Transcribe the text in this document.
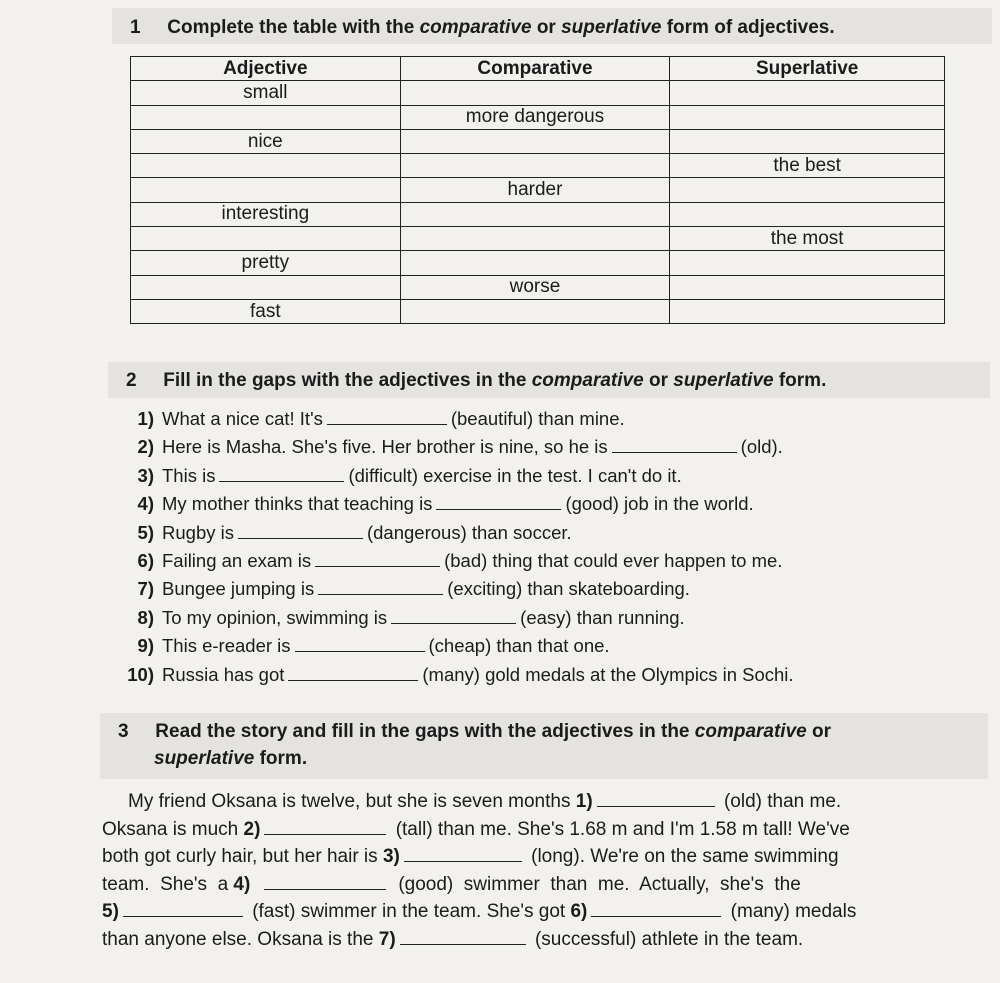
1 Complete the table with the comparative or superlative form of adjectives.
Adjective	Comparative	Superlative
small		
	more dangerous	
nice		
		the best
	harder	
interesting		
		the most
pretty		
	worse	
fast		
2 Fill in the gaps with the adjectives in the comparative or superlative form.
1) What a nice cat! It's	(beautiful) than mine.
2) Here is Masha. She's five. Her brother is nine, so he is	(old).
3) This is	(difficult) exercise in the test. I can't do it.
4) My mother thinks that teaching is	(good) job in the world.
5) Rugby is	(dangerous) than soccer.
6) Failing an exam is	(bad) thing that could ever happen to me.
7) Bungee jumping is	(exciting) than skateboarding.
8) To my opinion, swimming is	(easy) than running.
9) This e-reader is	(cheap) than that one.
10) Russia has got	(many) gold medals at the Olympics in Sochi.
3 Read the story and fill in the gaps with the adjectives in the comparative or
superlative form.

My friend Oksana is twelve, but she is seven months 1)	(old) than me.

Oksana is much 2)	(tall) than me. She's 1.68 m and I'm 1.58 m tall! We've

both got curly hair, but her hair is 3)	(long). We're on the same swimming

team.  She's  a 4)	(good)  swimmer  than  me.  Actually,  she's  the

5)	(fast) swimmer in the team. She's got 6)	(many) medals

than anyone else. Oksana is the 7)	(successful) athlete in the team.
